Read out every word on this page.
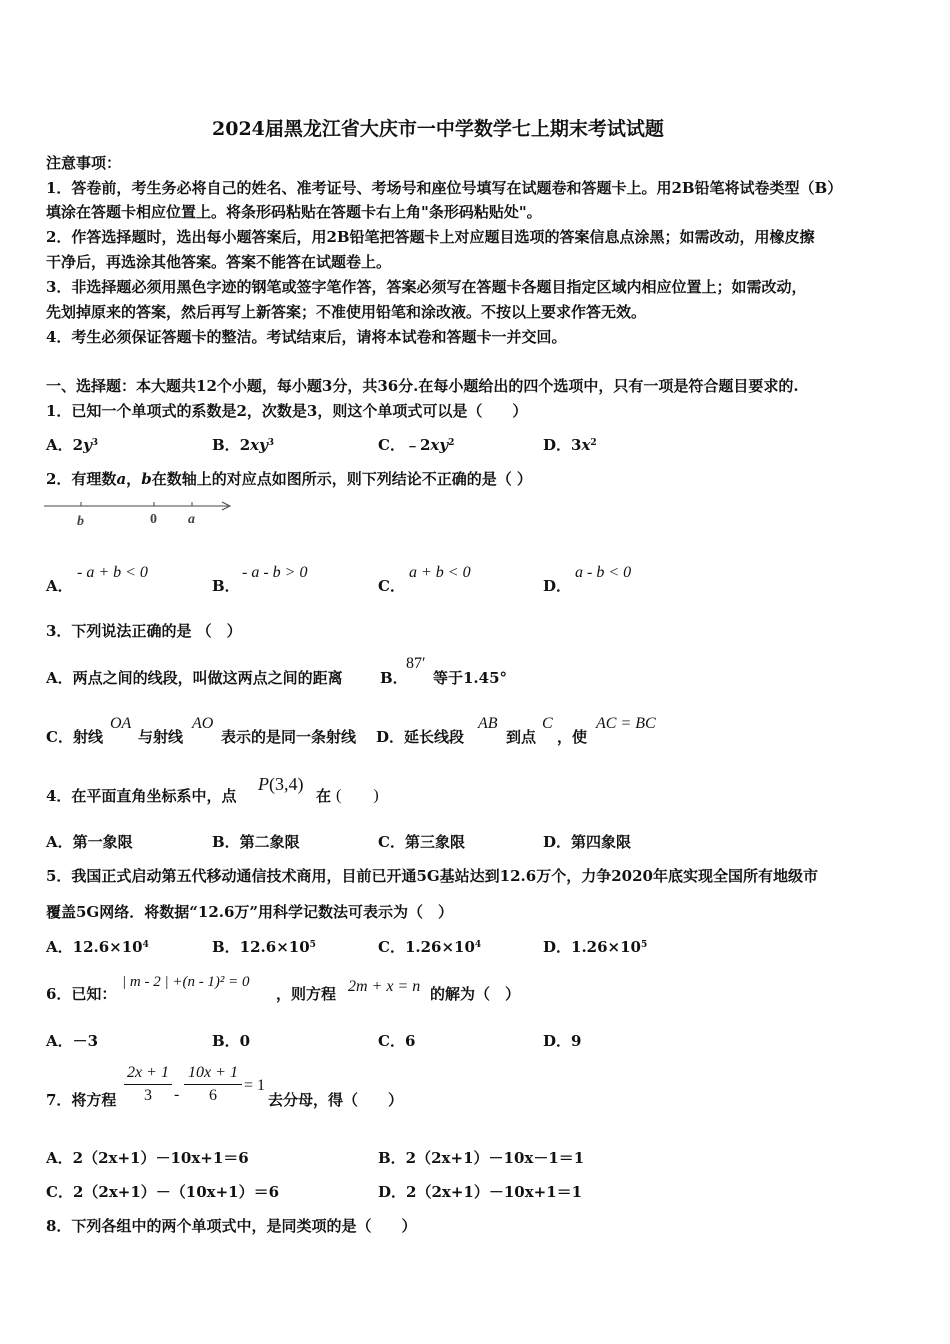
2024届黑龙江省大庆市一中学数学七上期末考试试题
注意事项：
1．答卷前，考生务必将自己的姓名、准考证号、考场号和座位号填写在试题卷和答题卡上。用2B铅笔将试卷类型（B）
填涂在答题卡相应位置上。将条形码粘贴在答题卡右上角"条形码粘贴处"。
2．作答选择题时，选出每小题答案后，用2B铅笔把答题卡上对应题目选项的答案信息点涂黑；如需改动，用橡皮擦
干净后，再选涂其他答案。答案不能答在试题卷上。
3．非选择题必须用黑色字迹的钢笔或签字笔作答，答案必须写在答题卡各题目指定区域内相应位置上；如需改动，
先划掉原来的答案，然后再写上新答案；不准使用铅笔和涂改液。不按以上要求作答无效。
4．考生必须保证答题卡的整洁。考试结束后，请将本试卷和答题卡一并交回。
一、选择题：本大题共12个小题，每小题3分，共36分.在每小题给出的四个选项中，只有一项是符合题目要求的.
1．已知一个单项式的系数是2，次数是3，则这个单项式可以是（　　）
A．$2y^3$	B．$2xy^3$	C．$﹣2xy^2$	D．$3x^2$
2．有理数a，b在数轴上的对应点如图所示，则下列结论不正确的是（ ）
b	0 a
A．
- a + b < 0
B．
- a - b > 0
C．
a + b < 0
D．
a - b < 0
3．下列说法正确的是 （　）
A．两点之间的线段，叫做这两点之间的距离 B．
87′
等于1.45°
C．射线
OA
与射线
AO
表示的是同一条射线 D．延长线段
AB
到点
C
，使
AC = BC
4．在平面直角坐标系中，点
P(3,4)
在 (　　)
A．第一象限	B．第二象限	C．第三象限	D．第四象限
5．我国正式启动第五代移动通信技术商用，目前已开通5G基站达到12.6万个，力争2020年底实现全国所有地级市
覆盖5G网络．将数据“12.6万”用科学记数法可表示为（　）
A．$12.6\times 10^4$	B．$12.6\times 10^5$	C．$1.26\times 10^4$	D．$1.26\times 10^5$
6．已知：
| m - 2 | +(n - 1)² = 0
，则方程 2m + x = n 的解为（　）
A．－3	B．0	C．6	D．9
7．将方程
2x + 1
3	-
10x + 1
6
= 1
去分母，得（　　）
A．2（2x+1）－10x+1＝6	B．2（2x+1）－10x－1＝1
C．2（2x+1）－（10x+1）＝6	D．2（2x+1）－10x+1＝1
8．下列各组中的两个单项式中，是同类项的是（　　）
